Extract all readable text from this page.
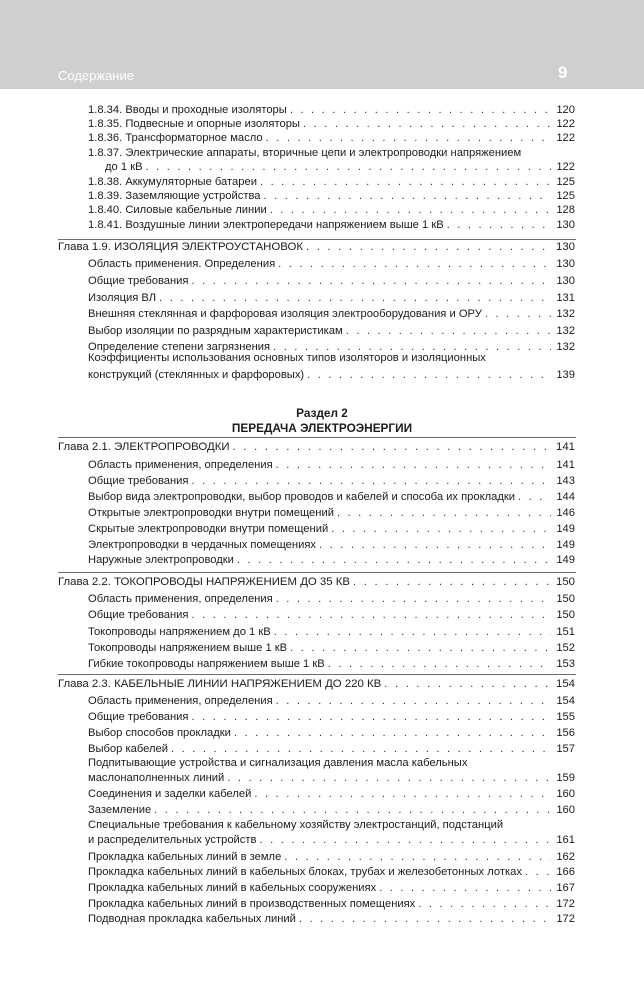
Содержание	9
1.8.34. Вводы и проходные изоляторы . . .	120
1.8.35. Подвесные и опорные изоляторы . . .	122
1.8.36. Трансформаторное масло . . .	122
1.8.37. Электрические аппараты, вторичные цепи и электропроводки напряжением
до 1 кВ . . .	122
1.8.38. Аккумуляторные батареи . . .	125
1.8.39. Заземляющие устройства . . .	125
1.8.40. Силовые кабельные линии . . .	128
1.8.41. Воздушные линии электропередачи напряжением выше 1 кВ . . .	130
Глава 1.9. ИЗОЛЯЦИЯ ЭЛЕКТРОУСТАНОВОК . . .	130
Область применения. Определения . . .	130
Общие требования . . .	130
Изоляция ВЛ . . .	131
Внешняя стеклянная и фарфоровая изоляция электрооборудования и ОРУ . . .	132
Выбор изоляции по разрядным характеристикам . . .	132
Определение степени загрязнения . . .	132
Коэффициенты использования основных типов изоляторов и изоляционных
конструкций (стеклянных и фарфоровых) . . .	139
Раздел 2
ПЕРЕДАЧА ЭЛЕКТРОЭНЕРГИИ
Глава 2.1. ЭЛЕКТРОПРОВОДКИ . . .	141
Область применения, определения . . .	141
Общие требования . . .	143
Выбор вида электропроводки, выбор проводов и кабелей и способа их прокладки . . .	144
Открытые электропроводки внутри помещений . . .	146
Скрытые электропроводки внутри помещений . . .	149
Электропроводки в чердачных помещениях . . .	149
Наружные электропроводки . . .	149
Глава 2.2. ТОКОПРОВОДЫ НАПРЯЖЕНИЕМ ДО 35 КВ . . .	150
Область применения, определения . . .	150
Общие требования . . .	150
Токопроводы напряжением до 1 кВ . . .	151
Токопроводы напряжением выше 1 кВ . . .	152
Гибкие токопроводы напряжением выше 1 кВ . . .	153
Глава 2.3. КАБЕЛЬНЫЕ ЛИНИИ НАПРЯЖЕНИЕМ ДО 220 КВ . . .	154
Область применения, определения . . .	154
Общие требования . . .	155
Выбор способов прокладки . . .	156
Выбор кабелей . . .	157
Подпитывающие устройства и сигнализация давления масла кабельных
маслонаполненных линий . . .	159
Соединения и заделки кабелей . . .	160
Заземление . . .	160
Специальные требования к кабельному хозяйству электростанций, подстанций
и распределительных устройств . . .	161
Прокладка кабельных линий в земле . . .	162
Прокладка кабельных линий в кабельных блоках, трубах и железобетонных лотках . . .	166
Прокладка кабельных линий в кабельных сооружениях . . .	167
Прокладка кабельных линий в производственных помещениях . . .	172
Подводная прокладка кабельных линий . . .	172
